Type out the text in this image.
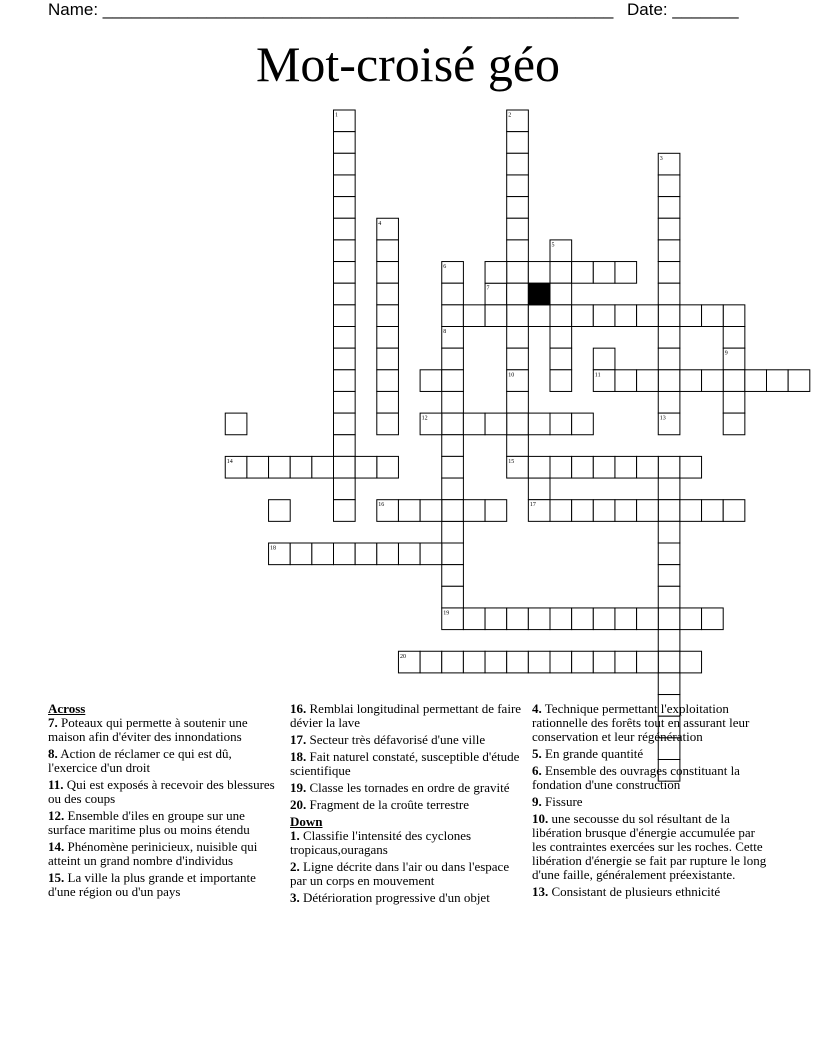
Name: ______________________________________________________ Date: _______
Mot-croisé géo
1	2
3
4
5
6
7
8
9
10	11
12	13
14	15
16	17
18
19
20
Across
7. Poteaux qui permette à soutenir une maison afin d'éviter des innondations
8. Action de réclamer ce qui est dû, l'exercice d'un droit
11. Qui est exposés à recevoir des blessures ou des coups
12. Ensemble d'iles en groupe sur une surface maritime plus ou moins étendu
14. Phénomène perinicieux, nuisible qui atteint un grand nombre d'individus
15. La ville la plus grande et importante d'une région ou d'un pays
16. Remblai longitudinal permettant de faire dévier la lave
17. Secteur très défavorisé d'une ville
18. Fait naturel constaté, susceptible d'étude scientifique
19. Classe les tornades en ordre de gravité
20. Fragment de la croûte terrestre
Down
1. Classifie l'intensité des cyclones tropicaus,ouragans
2. Ligne décrite dans l'air ou dans l'espace par un corps en mouvement
3. Détérioration progressive d'un objet
4. Technique permettant l'exploitation rationnelle des forêts tout en assurant leur conservation et leur régénération
5. En grande quantité
6. Ensemble des ouvrages constituant la fondation d'une construction
9. Fissure
10. une secousse du sol résultant de la libération brusque d'énergie accumulée par les contraintes exercées sur les roches. Cette libération d'énergie se fait par rupture le long d'une faille, généralement préexistante.
13. Consistant de plusieurs ethnicité
